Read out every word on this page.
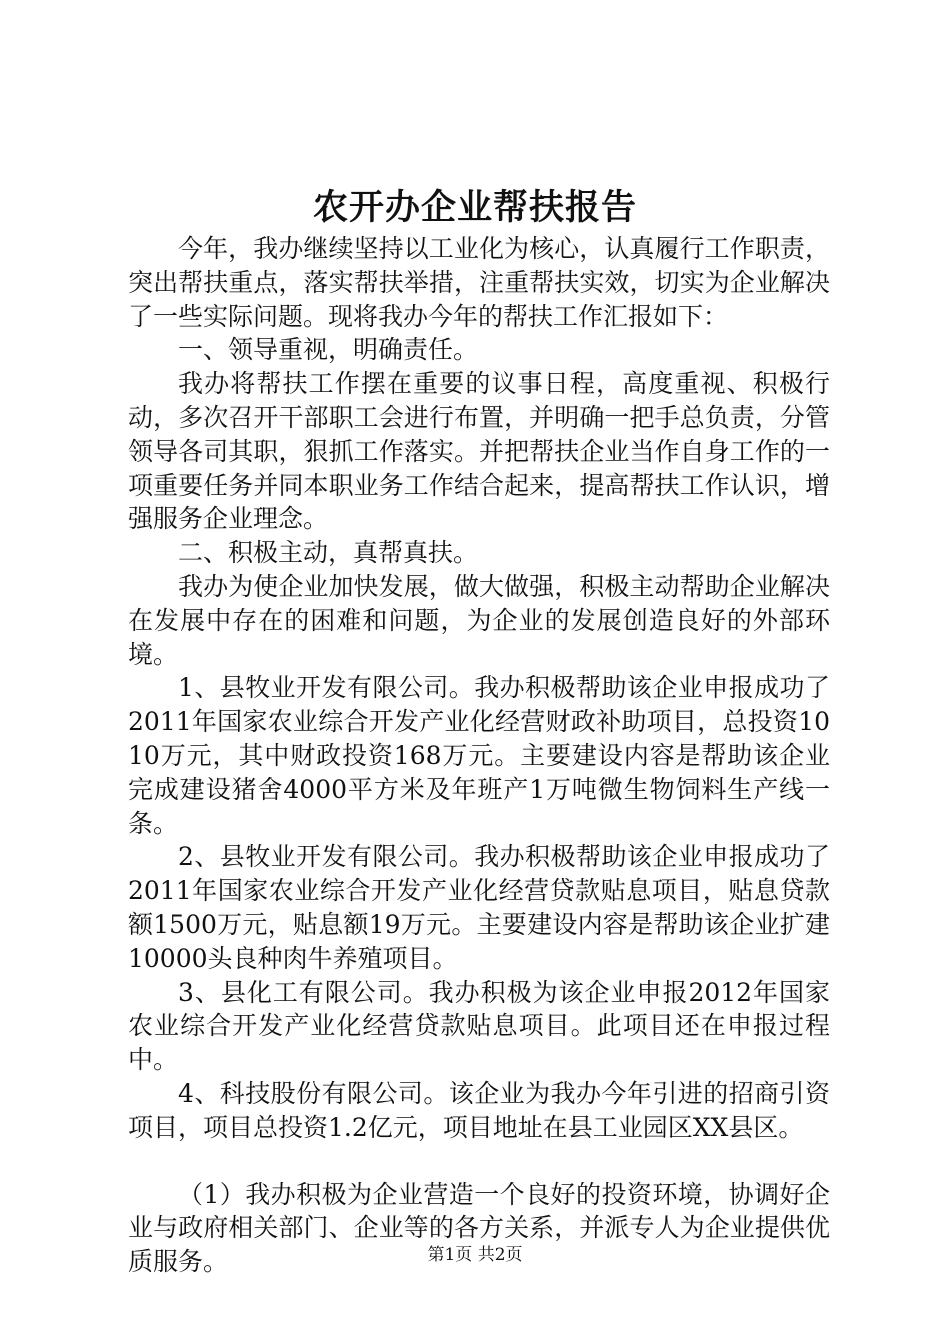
农开办企业帮扶报告

今年，我办继续坚持以工业化为核心，认真履行工作职责，突出帮扶重点，落实帮扶举措，注重帮扶实效，切实为企业解决了一些实际问题。现将我办今年的帮扶工作汇报如下：

一、领导重视，明确责任。

我办将帮扶工作摆在重要的议事日程，高度重视、积极行动，多次召开干部职工会进行布置，并明确一把手总负责，分管领导各司其职，狠抓工作落实。并把帮扶企业当作自身工作的一项重要任务并同本职业务工作结合起来，提高帮扶工作认识，增强服务企业理念。

二、积极主动，真帮真扶。

我办为使企业加快发展，做大做强，积极主动帮助企业解决在发展中存在的困难和问题，为企业的发展创造良好的外部环境。

1、县牧业开发有限公司。我办积极帮助该企业申报成功了2011年国家农业综合开发产业化经营财政补助项目，总投资1010万元，其中财政投资168万元。主要建设内容是帮助该企业完成建设猪舍4000平方米及年班产1万吨微生物饲料生产线一条。

2、县牧业开发有限公司。我办积极帮助该企业申报成功了2011年国家农业综合开发产业化经营贷款贴息项目，贴息贷款额1500万元，贴息额19万元。主要建设内容是帮助该企业扩建10000头良种肉牛养殖项目。

3、县化工有限公司。我办积极为该企业申报2012年国家农业综合开发产业化经营贷款贴息项目。此项目还在申报过程中。

4、科技股份有限公司。该企业为我办今年引进的招商引资项目，项目总投资1.2亿元，项目地址在县工业园区XX县区。

（1）我办积极为企业营造一个良好的投资环境，协调好企业与政府相关部门、企业等的各方关系，并派专人为企业提供优质服务。	第1页 共2页
